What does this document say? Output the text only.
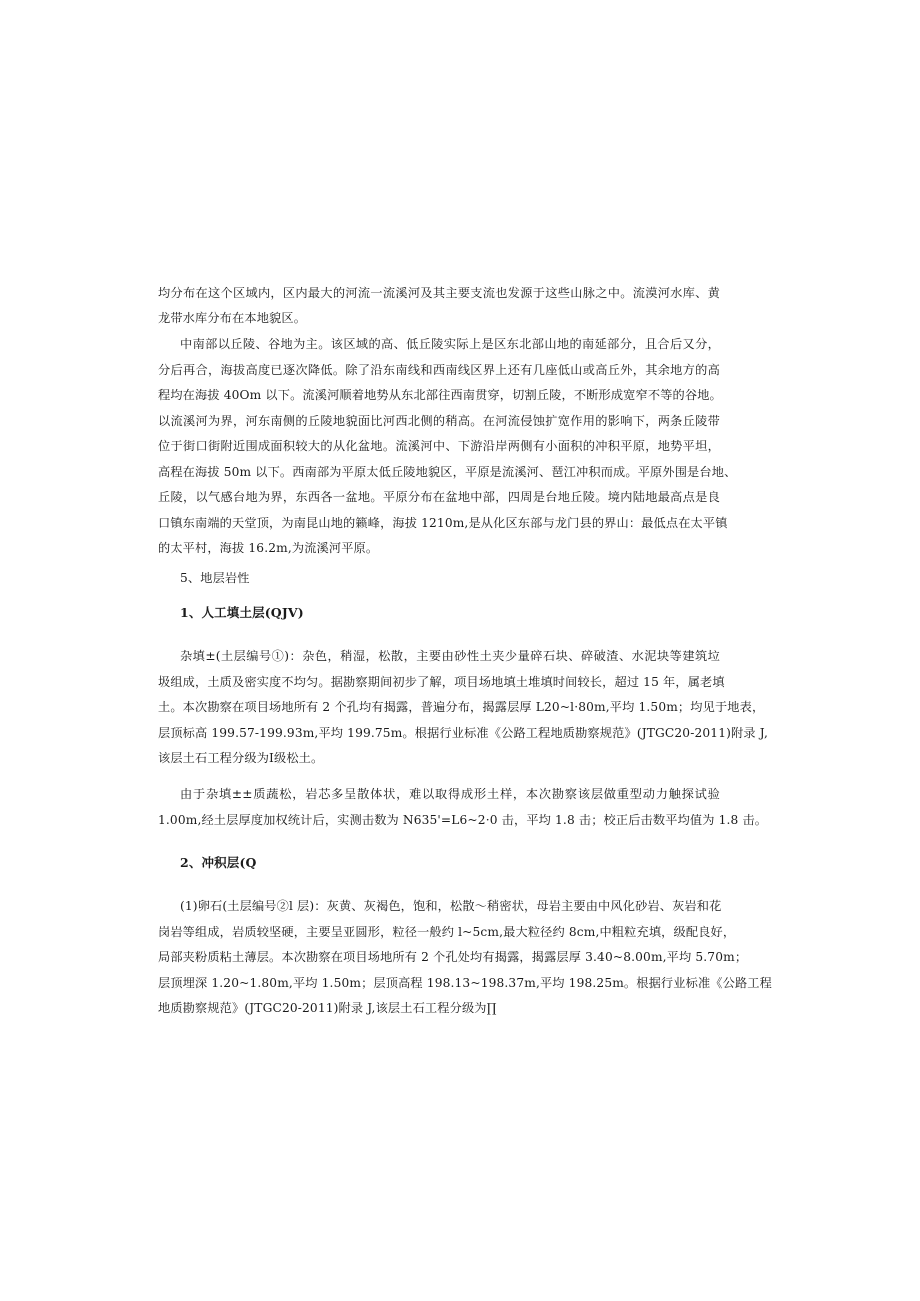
均分布在这个区域内，区内最大的河流一流溪河及其主要支流也发源于这些山脉之中。流漠河水库、黄
龙带水库分布在本地貌区。
中南部以丘陵、谷地为主。该区域的高、低丘陵实际上是区东北部山地的南延部分，且合后又分，
分后再合，海拔高度已逐次降低。除了沿东南线和西南线区界上还有几座低山或高丘外，其余地方的高
程均在海拔 40Om 以下。流溪河顺着地势从东北部往西南贯穿，切割丘陵，不断形成宽窄不等的谷地。
以流溪河为界，河东南侧的丘陵地貌面比河西北侧的稍高。在河流侵蚀扩宽作用的影响下，两条丘陵带
位于街口街附近围成面积较大的从化盆地。流溪河中、下游沿岸两侧有小面积的冲积平原，地势平坦，
高程在海拔 50m 以下。西南部为平原太低丘陵地貌区，平原是流溪河、琶江冲积而成。平原外围是台地、
丘陵，以气感台地为界，东西各一盆地。平原分布在盆地中部，四周是台地丘陵。境内陆地最高点是良
口镇东南端的天堂顶，为南昆山地的籁峰，海拔 1210m,是从化区东部与龙门县的界山：最低点在太平镇
的太平村，海拔 16.2m,为流溪河平原。
5、地层岩性
1、人工填土层(QJV)
杂填±(土层编号①)：杂色，稍湿，松散，主要由砂性土夹少量碎石块、碎破渣、水泥块等建筑垃
圾组成，土质及密实度不均匀。据勘察期间初步了解，项目场地填土堆填时间较长，超过 15 年，属老填
土。本次勘察在项目场地所有 2 个孔均有揭露，普遍分布，揭露层厚 L20~l·80m,平均 1.50m；均见于地表，
层顶标高 199.57-199.93m,平均 199.75m。根据行业标准《公路工程地质勘察规范》(JTGC20-2011)附录 J,
该层土石工程分级为Ⅰ级松土。
由于杂填±±质蔬松，岩芯多呈散体状，难以取得成形土样，本次勘察该层做重型动力触探试验
1.00m,经土层厚度加权统计后，实测击数为 N635'=L6~2·0 击，平均 1.8 击；校正后击数平均值为 1.8 击。
2、冲积层(Q
(1)卵石(土层编号②l 层)：灰黄、灰褐色，饱和，松散～稍密状，母岩主要由中风化砂岩、灰岩和花
岗岩等组成，岩质较坚硬，主要呈亚圆形，粒径一般约 l~5cm,最大粒径约 8cm,中粗粒充填，级配良好，
局部夹粉质粘土薄层。本次勘察在项目场地所有 2 个孔处均有揭露，揭露层厚 3.40~8.00m,平均 5.70m；
层顶埋深 1.20~1.80m,平均 1.50m；层顶高程 198.13~198.37m,平均 198.25m。根据行业标准《公路工程
地质勘察规范》(JTGC20-2011)附录 J,该层土石工程分级为∏
